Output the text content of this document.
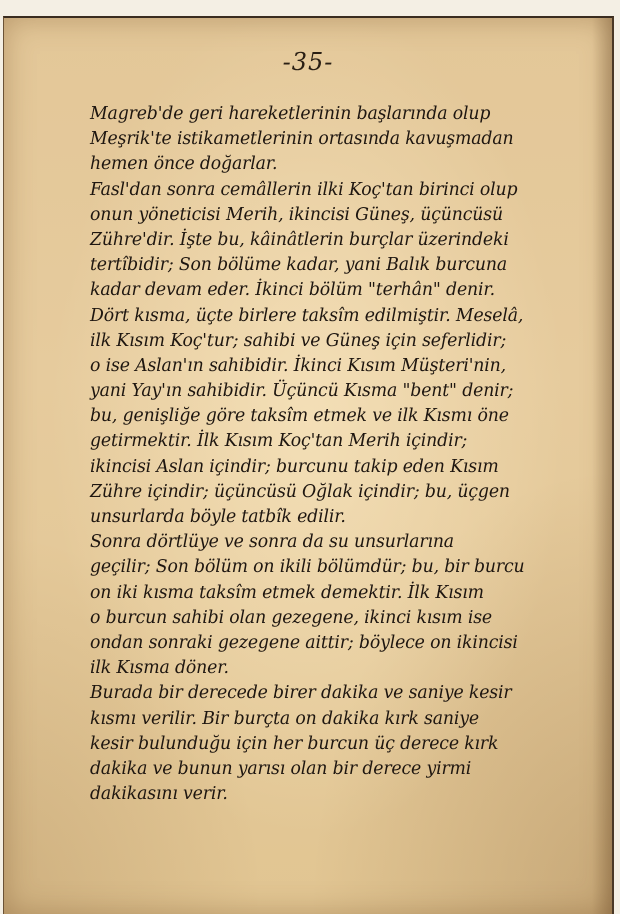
-35-
Magreb'de geri hareketlerinin başlarında olup
Meşrik'te istikametlerinin ortasında kavuşmadan
hemen önce doğarlar.
Fasl'dan sonra cemâllerin ilki Koç'tan birinci olup
onun yöneticisi Merih, ikincisi Güneş, üçüncüsü
Zühre'dir. İşte bu, kâinâtlerin burçlar üzerindeki
tertîbidir; Son bölüme kadar, yani Balık burcuna
kadar devam eder. İkinci bölüm "terhân" denir.
Dört kısma, üçte birlere taksîm edilmiştir. Meselâ,
ilk Kısım Koç'tur; sahibi ve Güneş için seferlidir;
o ise Aslan'ın sahibidir. İkinci Kısım Müşteri'nin,
yani Yay'ın sahibidir. Üçüncü Kısma "bent" denir;
bu, genişliğe göre taksîm etmek ve ilk Kısmı öne
getirmektir. İlk Kısım Koç'tan Merih içindir;
ikincisi Aslan içindir; burcunu takip eden Kısım
Zühre içindir; üçüncüsü Oğlak içindir; bu, üçgen
unsurlarda böyle tatbîk edilir.
Sonra dörtlüye ve sonra da su unsurlarına
geçilir; Son bölüm on ikili bölümdür; bu, bir burcu
on iki kısma taksîm etmek demektir. İlk Kısım
o burcun sahibi olan gezegene, ikinci kısım ise
ondan sonraki gezegene aittir; böylece on ikincisi
ilk Kısma döner.
Burada bir derecede birer dakika ve saniye kesir
kısmı verilir. Bir burçta on dakika kırk saniye
kesir bulunduğu için her burcun üç derece kırk
dakika ve bunun yarısı olan bir derece yirmi
dakikasını verir.
